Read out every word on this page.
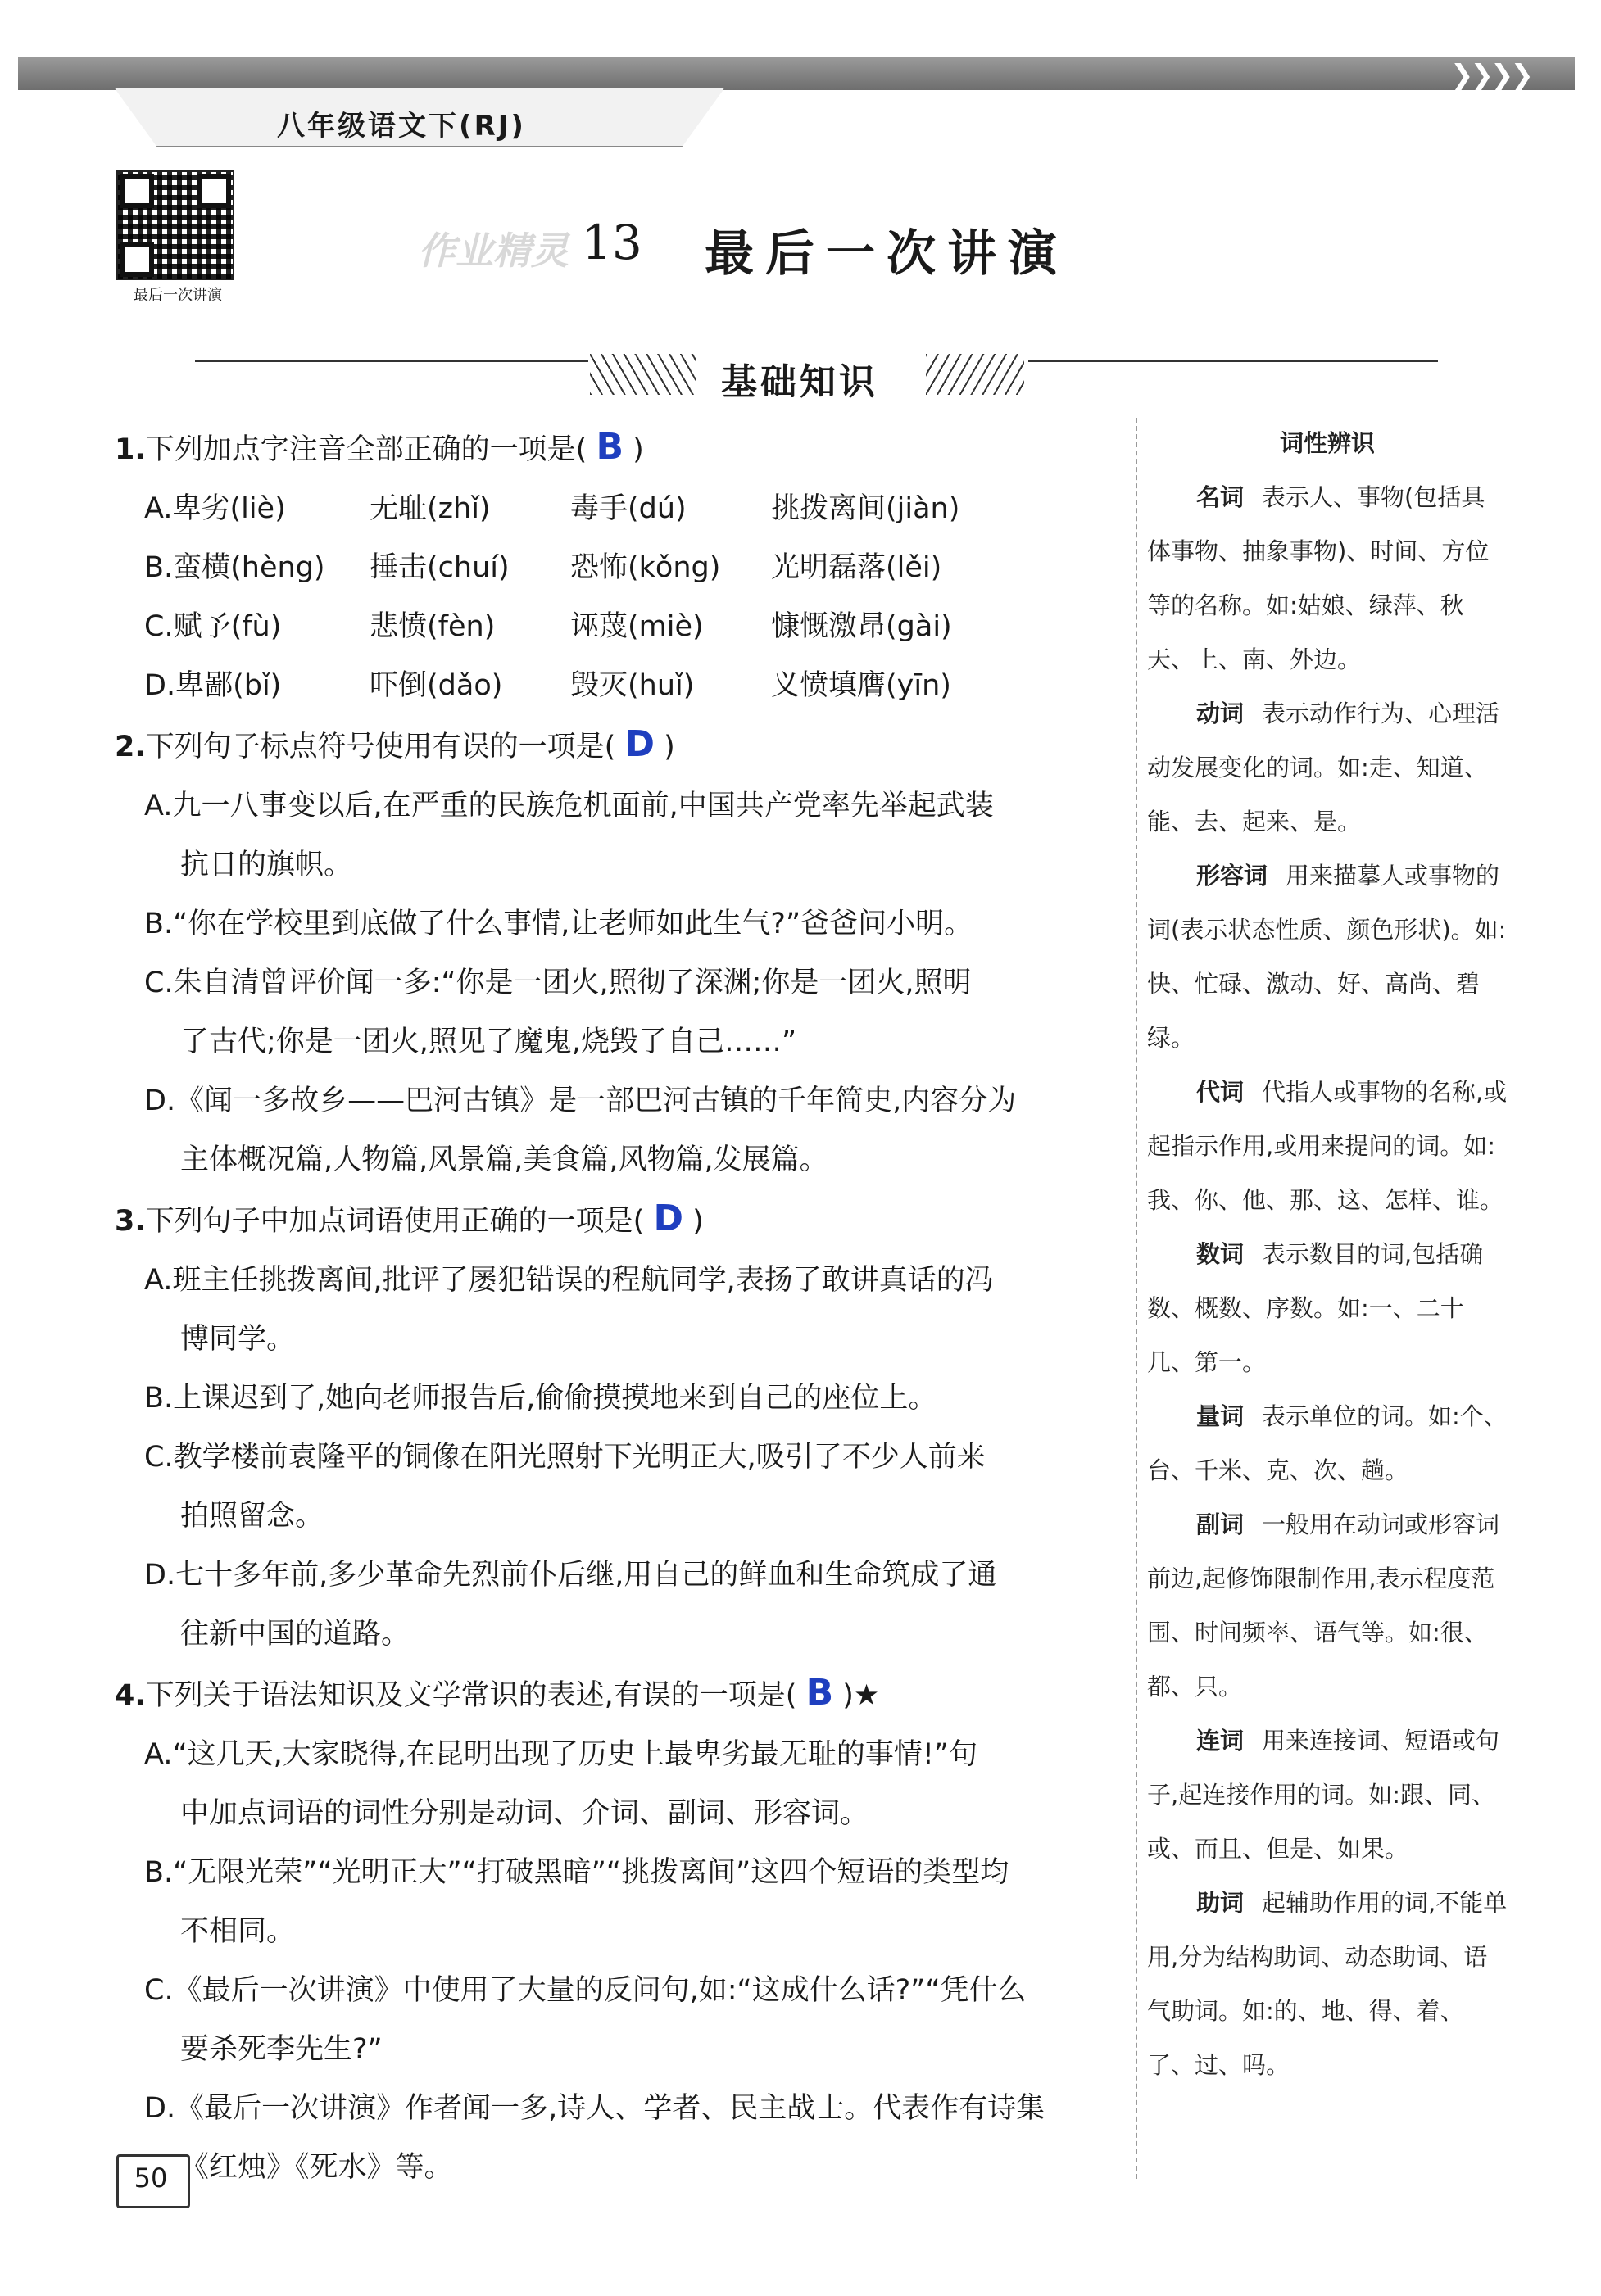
❯❯❯❯
八年级语文下(RJ)
最后一次讲演
作业精灵 13 最后一次讲演
基础知识
1.下列加点字注音全部正确的一项是( B )
A.卑劣(liè)	无耻(zhǐ)	毒手(dú)	挑拨离间(jiàn)
B.蛮横(hèng)	捶击(chuí)	恐怖(kǒng)	光明磊落(lěi)
C.赋予(fù)	悲愤(fèn)	诬蔑(miè)	慷慨激昂(gài)
D.卑鄙(bǐ)	吓倒(dǎo)	毁灭(huǐ)	义愤填膺(yīn)
2.下列句子标点符号使用有误的一项是( D )
A.九一八事变以后,在严重的民族危机面前,中国共产党率先举起武装
抗日的旗帜。
B.“你在学校里到底做了什么事情,让老师如此生气?”爸爸问小明。
C.朱自清曾评价闻一多:“你是一团火,照彻了深渊;你是一团火,照明
了古代;你是一团火,照见了魔鬼,烧毁了自己……”
D.《闻一多故乡——巴河古镇》是一部巴河古镇的千年简史,内容分为
主体概况篇,人物篇,风景篇,美食篇,风物篇,发展篇。
3.下列句子中加点词语使用正确的一项是( D )
A.班主任挑拨离间,批评了屡犯错误的程航同学,表扬了敢讲真话的冯
博同学。
B.上课迟到了,她向老师报告后,偷偷摸摸地来到自己的座位上。
C.教学楼前袁隆平的铜像在阳光照射下光明正大,吸引了不少人前来
拍照留念。
D.七十多年前,多少革命先烈前仆后继,用自己的鲜血和生命筑成了通
往新中国的道路。
4.下列关于语法知识及文学常识的表述,有误的一项是( B )★
A.“这几天,大家晓得,在昆明出现了历史上最卑劣最无耻的事情!”句
中加点词语的词性分别是动词、介词、副词、形容词。
B.“无限光荣”“光明正大”“打破黑暗”“挑拨离间”这四个短语的类型均
不相同。
C.《最后一次讲演》中使用了大量的反问句,如:“这成什么话?”“凭什么
要杀死李先生?”
D.《最后一次讲演》作者闻一多,诗人、学者、民主战士。代表作有诗集
《红烛》《死水》等。
词性辨识

名词 表示人、事物(包括具体事物、抽象事物)、时间、方位等的名称。如:姑娘、绿萍、秋天、上、南、外边。

动词 表示动作行为、心理活动发展变化的词。如:走、知道、能、去、起来、是。

形容词 用来描摹人或事物的词(表示状态性质、颜色形状)。如:快、忙碌、激动、好、高尚、碧绿。

代词 代指人或事物的名称,或起指示作用,或用来提问的词。如:我、你、他、那、这、怎样、谁。

数词 表示数目的词,包括确数、概数、序数。如:一、二十几、第一。

量词 表示单位的词。如:个、台、千米、克、次、趟。

副词 一般用在动词或形容词前边,起修饰限制作用,表示程度范围、时间频率、语气等。如:很、都、只。

连词 用来连接词、短语或句子,起连接作用的词。如:跟、同、或、而且、但是、如果。

助词 起辅助作用的词,不能单用,分为结构助词、动态助词、语气助词。如:的、地、得、着、了、过、吗。

50
